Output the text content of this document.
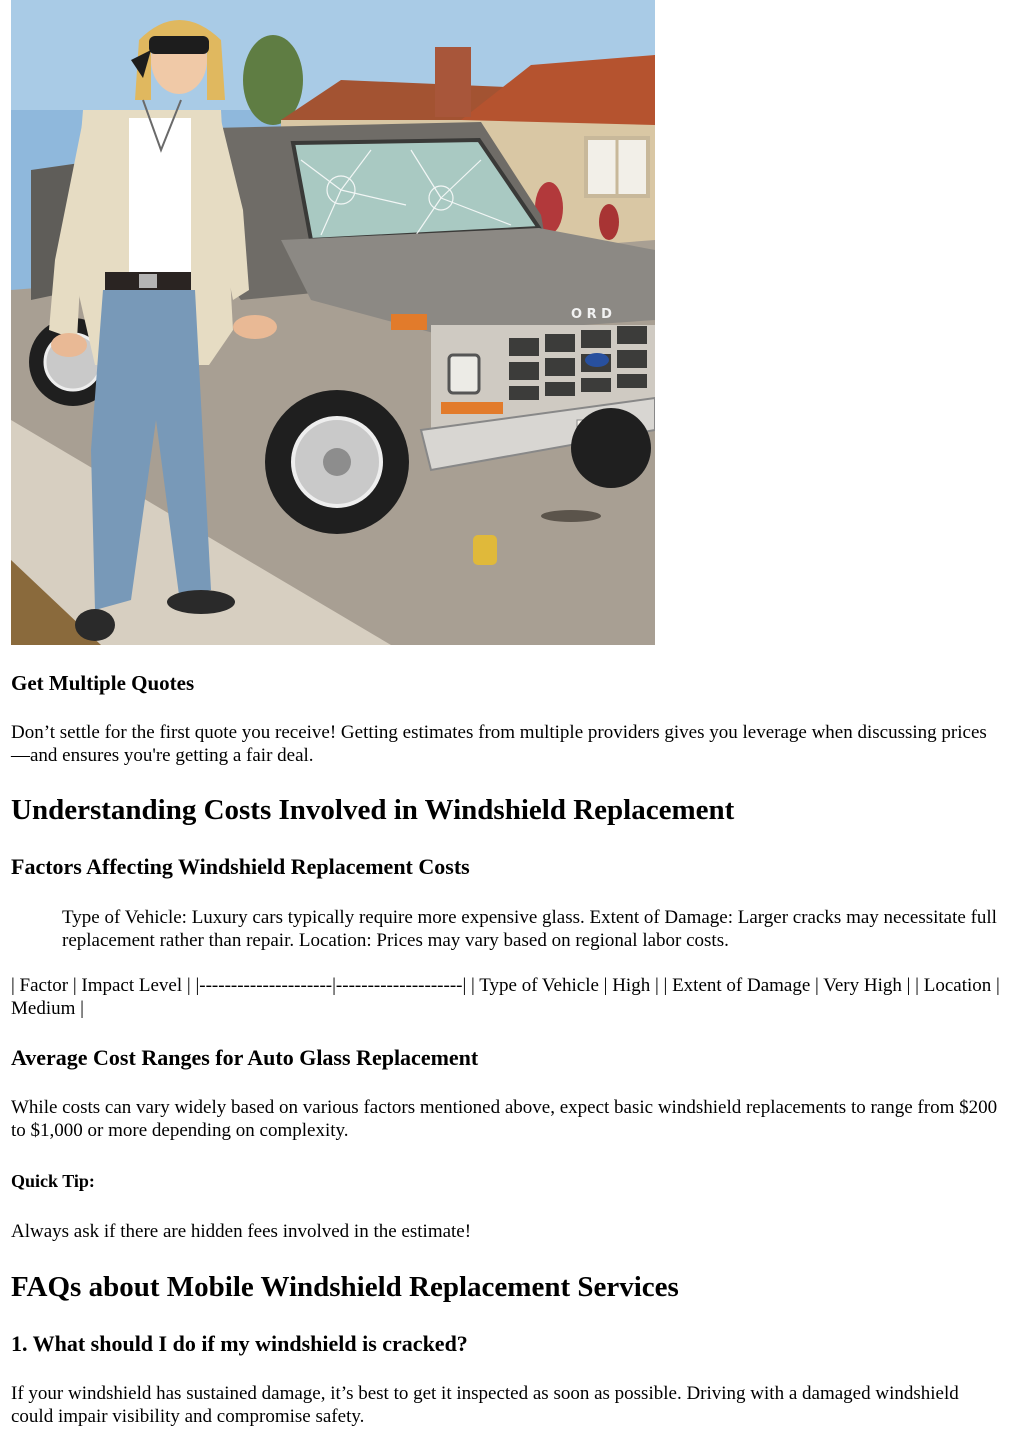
O R D
Get Multiple Quotes

Don’t settle for the first quote you receive! Getting estimates from multiple providers gives you leverage when discussing prices—and ensures you're getting a fair deal.

Understanding Costs Involved in Windshield Replacement
Factors Affecting Windshield Replacement Costs
Type of Vehicle: Luxury cars typically require more expensive glass. Extent of Damage: Larger cracks may necessitate full replacement rather than repair. Location: Prices may vary based on regional labor costs.

| Factor | Impact Level | |---------------------|--------------------| | Type of Vehicle | High | | Extent of Damage | Very High | | Location | Medium |

Average Cost Ranges for Auto Glass Replacement

While costs can vary widely based on various factors mentioned above, expect basic windshield replacements to range from $200 to $1,000 or more depending on complexity.

Quick Tip:

Always ask if there are hidden fees involved in the estimate!

FAQs about Mobile Windshield Replacement Services
1. What should I do if my windshield is cracked?

If your windshield has sustained damage, it’s best to get it inspected as soon as possible. Driving with a damaged windshield could impair visibility and compromise safety.
